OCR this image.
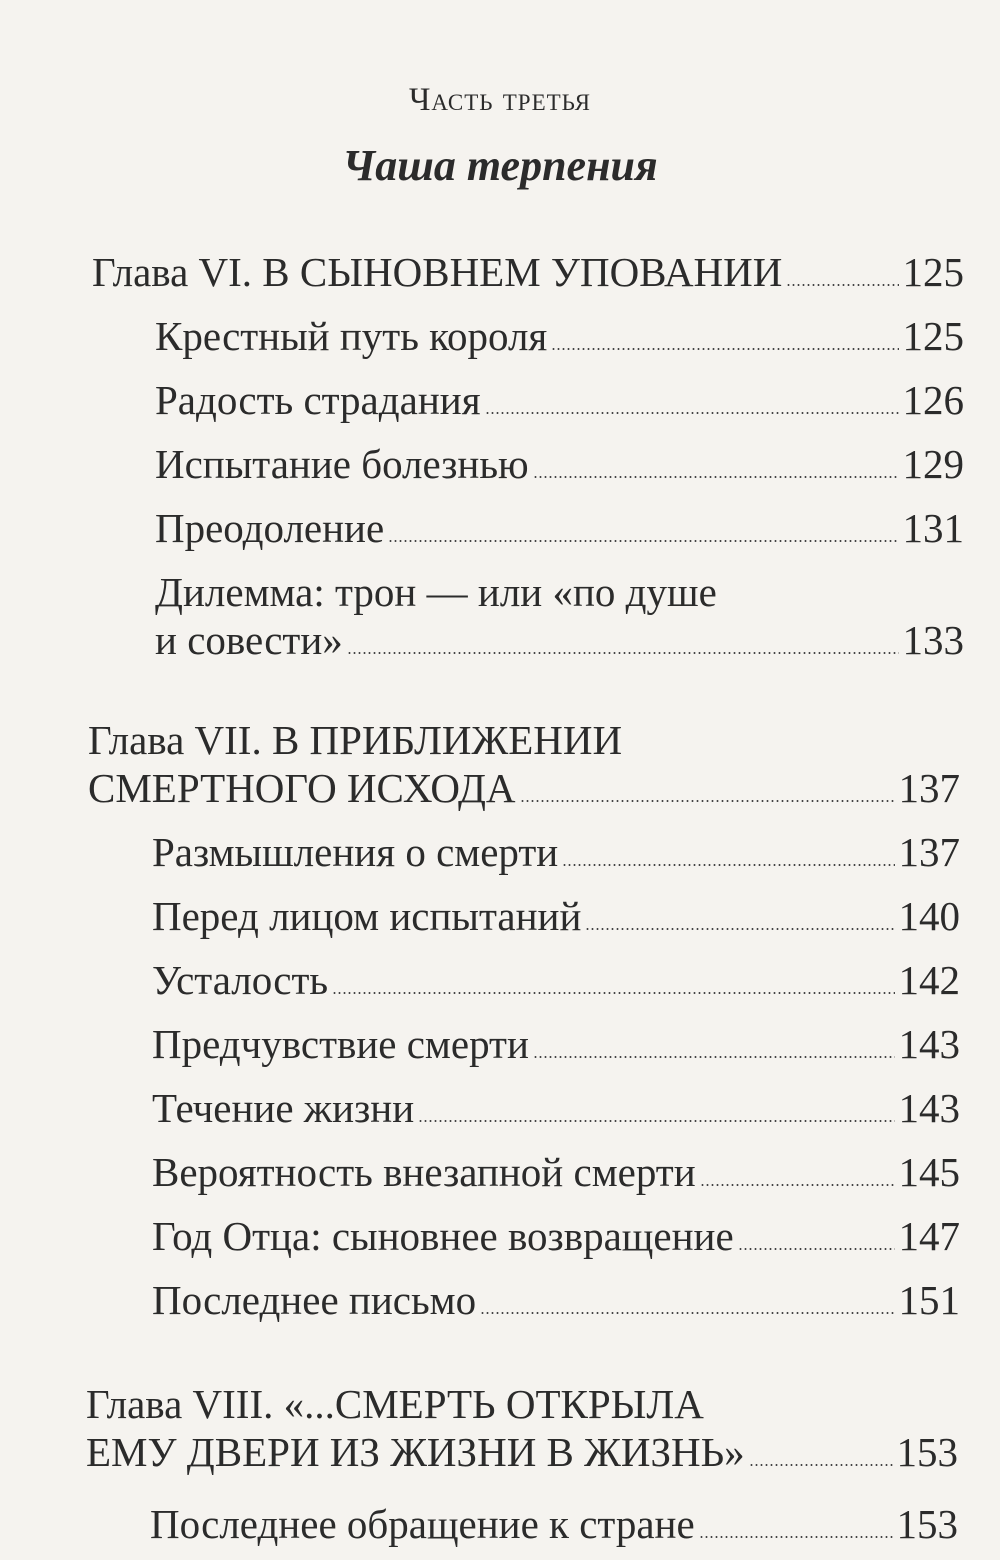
Часть третья
Чаша терпения
Глава VI. В СЫНОВНЕМ УПОВАНИИ	125
Крестный путь короля	125
Радость страдания	126
Испытание болезнью	129
Преодоление	131
Дилемма: трон — или «по душе
и совести»	133
Глава VII. В ПРИБЛИЖЕНИИ
СМЕРТНОГО ИСХОДА	137
Размышления о смерти	137
Перед лицом испытаний	140
Усталость	142
Предчувствие смерти	143
Течение жизни	143
Вероятность внезапной смерти	145
Год Отца: сыновнее возвращение	147
Последнее письмо	151
Глава VIII. «...СМЕРТЬ ОТКРЫЛА
ЕМУ ДВЕРИ ИЗ ЖИЗНИ В ЖИЗНЬ»	153
Последнее обращение к стране	153
